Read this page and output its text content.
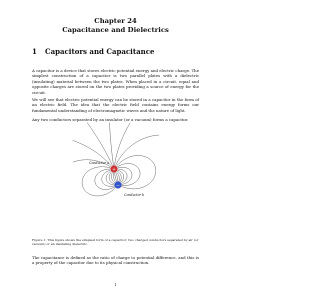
Chapter 24
Capacitance and Dielectrics
1 Capacitors and Capacitance

A capacitor is a device that stores electric potential energy and electric charge. The simplest construction of a capacitor is two parallel plates with a dielectric (insulating) material between the two plates. When placed in a circuit, equal and opposite charges are stored on the two plates providing a source of energy for the circuit.

We will see that electric potential energy can be stored in a capacitor in the form of an electric field. The idea that the electric field contains energy forms our fundamental understanding of electromagnetic waves and the nature of light.

Any two conductors separated by an insulator (or a vacuum) forms a capacitor.

+
−
Conductor a
Conductor b

Figure 1: This figure shows the simplest form of a capacitor: two charged conductors separated by air (or vacuum) or an insulating dielectric.

The capacitance is defined as the ratio of charge to potential difference, and this is a property of the capacitor due to its physical construction.

1
